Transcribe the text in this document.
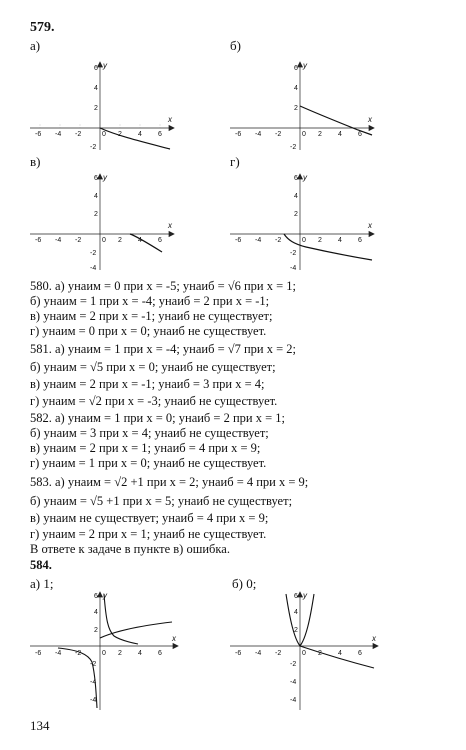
579.
а)	б)
в)	г)
-6 -4 -2	0 2 4 6
6
4
2
-2
x
y
-6 -4 -2	0 2 4 6
6
4
2
-2
x
y
-6 -4 -2	0 2 4 6
6
4
2
-2
-4
x
y
-6 -4 -2	0 2 4 6
6
4
2
-2
-4
x
y
580. а) yнаим = 0 при x = -5; yнаиб = √6 при x = 1;
б) yнаим = 1 при x = -4; yнаиб = 2 при x = -1;
в) yнаим = 2 при x = -1; yнаиб не существует;
г) yнаим = 0 при x = 0; yнаиб не существует.
581. а) yнаим = 1 при x = -4; yнаиб = √7 при x = 2;
б) yнаим = √5 при x = 0; yнаиб не существует;
в) yнаим = 2 при x = -1; yнаиб = 3 при x = 4;
г) yнаим = √2 при x = -3; yнаиб не существует.
582. а) yнаим = 1 при x = 0; yнаиб = 2 при x = 1;
б) yнаим = 3 при x = 4; yнаиб не существует;
в) yнаим = 2 при x = 1; yнаиб = 4 при x = 9;
г) yнаим = 1 при x = 0; yнаиб не существует.
583. а) yнаим = √2 +1 при x = 2; yнаиб = 4 при x = 9;
б) yнаим = √5 +1 при x = 5; yнаиб не существует;
в) yнаим не существует; yнаиб = 4 при x = 9;
г) yнаим = 2 при x = 1; yнаиб не существует.
В ответе к задаче в пункте в) ошибка.
584.
а) 1;	б) 0;
-6 -4 -2	0 2 4 6
6
4
2
-2
-4
-4
x
y
-6 -4 -2	0 2 4 6
6
4
2
-2
-4
-4
x
y
134
